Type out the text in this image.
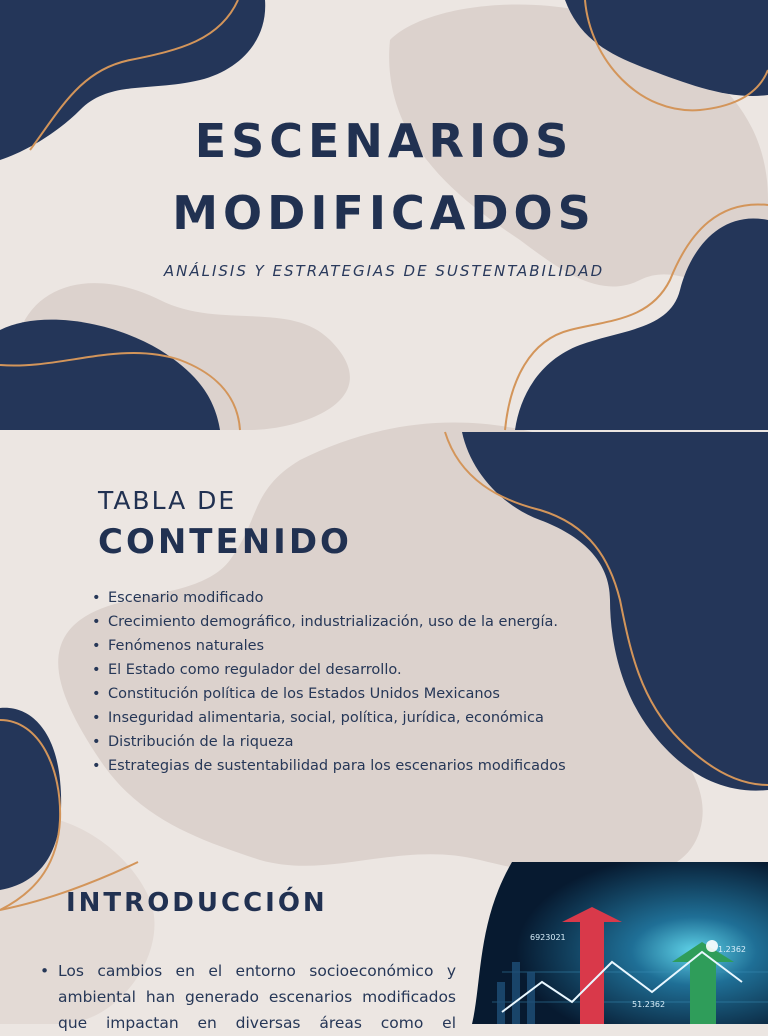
ESCENARIOS
MODIFICADOS
ANÁLISIS Y ESTRATEGIAS DE SUSTENTABILIDAD
TABLA DE
CONTENIDO
• Escenario modificado
• Crecimiento demográfico, industrialización, uso de la energía.
• Fenómenos naturales
• El Estado como regulador del desarrollo.
• Constitución política de los Estados Unidos Mexicanos
• Inseguridad alimentaria, social, política, jurídica, económica
• Distribución de la riqueza
• Estrategias de sustentabilidad para los escenarios modificados
INTRODUCCIÓN
• Los cambios en el entorno socioeconómico y ambiental han generado escenarios modificados que impactan en diversas áreas como el

6923021
1.2362
51.2362
